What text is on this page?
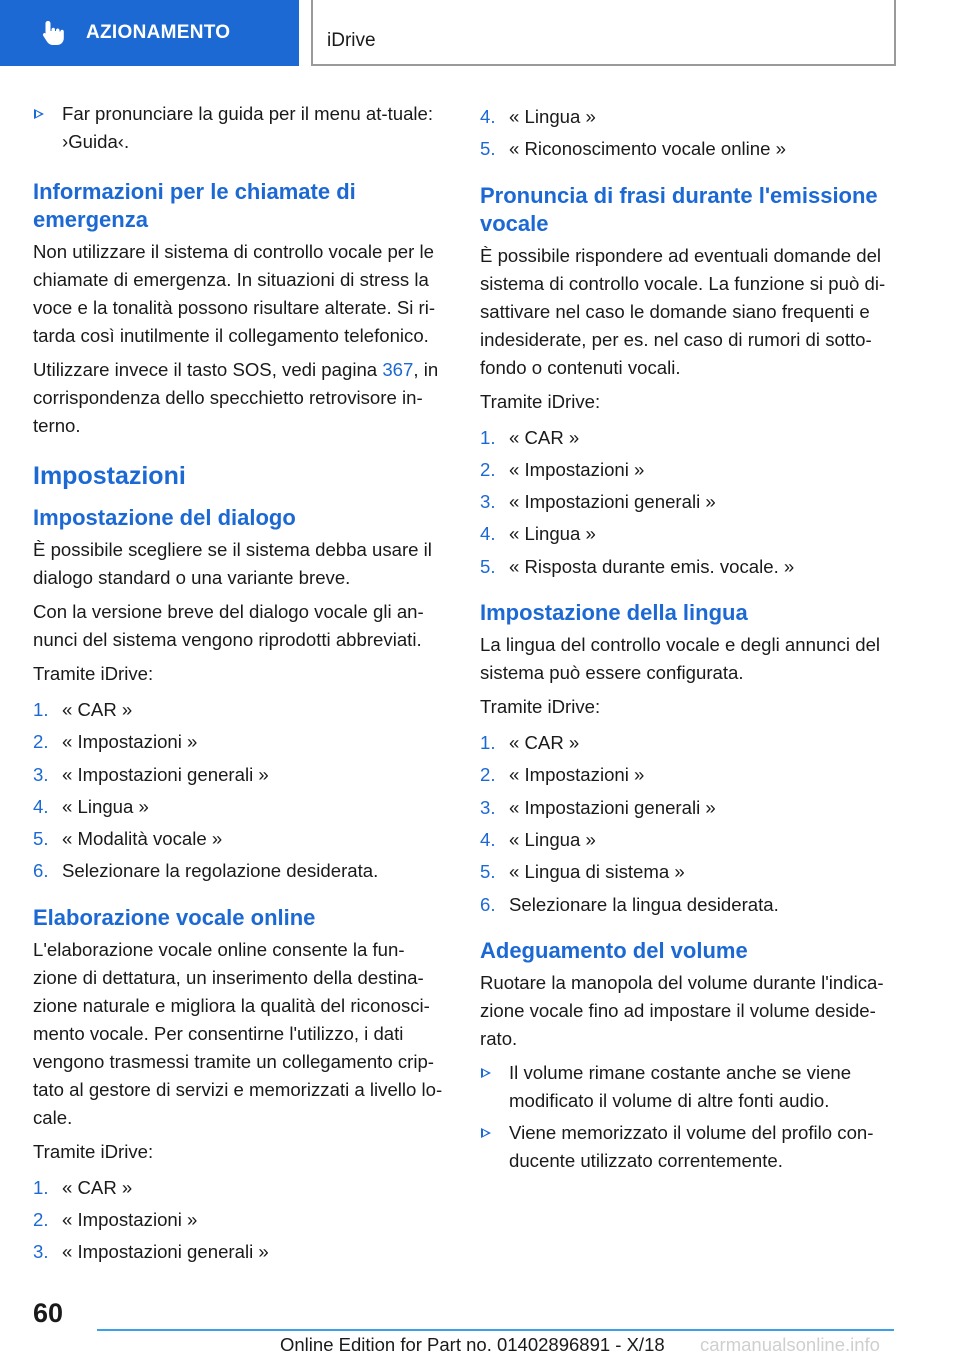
AZIONAMENTO	iDrive
Far pronunciare la guida per il menu at-tuale: ›Guida‹.
Informazioni per le chiamate di emergenza

Non utilizzare il sistema di controllo vocale per le chiamate di emergenza. In situazioni di stress la voce e la tonalità possono risultare alterate. Si ri-tarda così inutilmente il collegamento telefonico.

Utilizzare invece il tasto SOS, vedi pagina 367, in corrispondenza dello specchietto retrovisore in-terno.

Impostazioni
Impostazione del dialogo

È possibile scegliere se il sistema debba usare il dialogo standard o una variante breve.

Con la versione breve del dialogo vocale gli an-nunci del sistema vengono riprodotti abbreviati.

Tramite iDrive:

1. « CAR »
2. « Impostazioni »
3. « Impostazioni generali »
4. « Lingua »
5. « Modalità vocale »
6. Selezionare la regolazione desiderata.
Elaborazione vocale online

L'elaborazione vocale online consente la fun-zione di dettatura, un inserimento della destina-zione naturale e migliora la qualità del riconosci-mento vocale. Per consentirne l'utilizzo, i dati vengono trasmessi tramite un collegamento crip-tato al gestore di servizi e memorizzati a livello lo-cale.

Tramite iDrive:

1. « CAR »
2. « Impostazioni »
3. « Impostazioni generali »
4. « Lingua »
5. « Riconoscimento vocale online »
Pronuncia di frasi durante l'emissione vocale

È possibile rispondere ad eventuali domande del sistema di controllo vocale. La funzione si può di-sattivare nel caso le domande siano frequenti e indesiderate, per es. nel caso di rumori di sotto-fondo o contenuti vocali.

Tramite iDrive:

1. « CAR »
2. « Impostazioni »
3. « Impostazioni generali »
4. « Lingua »
5. « Risposta durante emis. vocale. »
Impostazione della lingua

La lingua del controllo vocale e degli annunci del sistema può essere configurata.

Tramite iDrive:

1. « CAR »
2. « Impostazioni »
3. « Impostazioni generali »
4. « Lingua »
5. « Lingua di sistema »
6. Selezionare la lingua desiderata.
Adeguamento del volume

Ruotare la manopola del volume durante l'indica-zione vocale fino ad impostare il volume deside-rato.

Il volume rimane costante anche se viene modificato il volume di altre fonti audio.
Viene memorizzato il volume del profilo con-ducente utilizzato correntemente.
60
Online Edition for Part no. 01402896891 - X/18 carmanualsonline.info
